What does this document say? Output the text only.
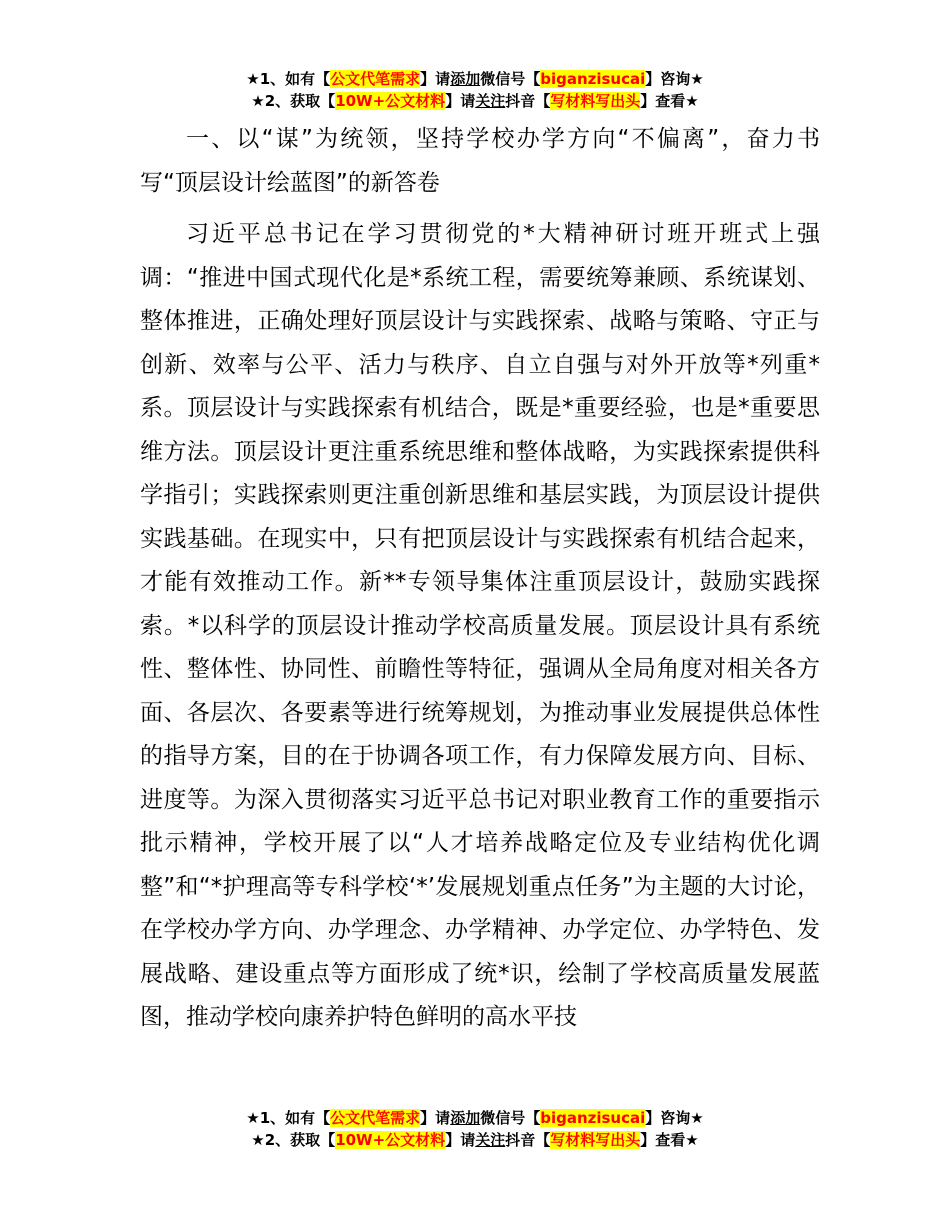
★1、如有【公文代笔需求】请添加微信号【biganzisucai】咨询★
★2、获取【10W+公文材料】请关注抖音【写材料写出头】查看★
一、以“谋”为统领，坚持学校办学方向“不偏离”，奋力书写“顶层设计绘蓝图”的新答卷

习近平总书记在学习贯彻党的*大精神研讨班开班式上强调：“推进中国式现代化是*系统工程，需要统筹兼顾、系统谋划、整体推进，正确处理好顶层设计与实践探索、战略与策略、守正与创新、效率与公平、活力与秩序、自立自强与对外开放等*列重*系。顶层设计与实践探索有机结合，既是*重要经验，也是*重要思维方法。顶层设计更注重系统思维和整体战略，为实践探索提供科学指引；实践探索则更注重创新思维和基层实践，为顶层设计提供实践基础。在现实中，只有把顶层设计与实践探索有机结合起来，才能有效推动工作。新**专领导集体注重顶层设计，鼓励实践探索。*以科学的顶层设计推动学校高质量发展。顶层设计具有系统性、整体性、协同性、前瞻性等特征，强调从全局角度对相关各方面、各层次、各要素等进行统筹规划，为推动事业发展提供总体性的指导方案，目的在于协调各项工作，有力保障发展方向、目标、进度等。为深入贯彻落实习近平总书记对职业教育工作的重要指示批示精神，学校开展了以“人才培养战略定位及专业结构优化调整”和“*护理高等专科学校‘*’发展规划重点任务”为主题的大讨论，在学校办学方向、办学理念、办学精神、办学定位、办学特色、发展战略、建设重点等方面形成了统*识，绘制了学校高质量发展蓝图，推动学校向康养护特色鲜明的高水平技

★1、如有【公文代笔需求】请添加微信号【biganzisucai】咨询★
★2、获取【10W+公文材料】请关注抖音【写材料写出头】查看★
